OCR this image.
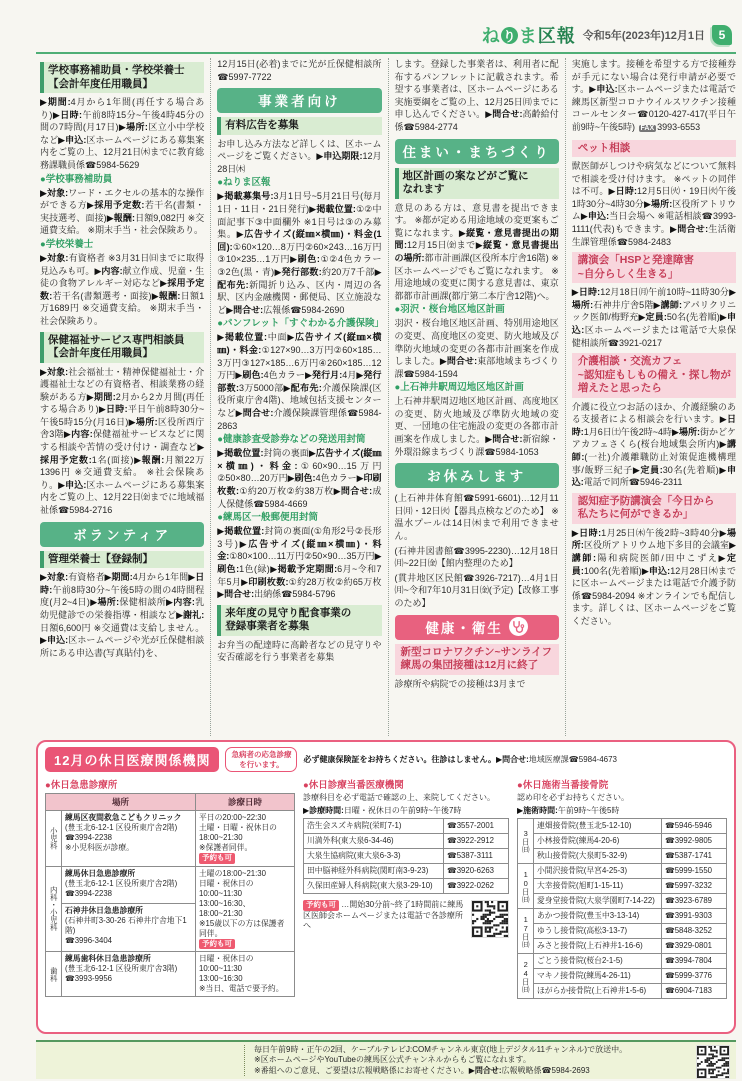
ね り ま 区報 令和5年(2023年)12月1日	5
学校事務補助員・学校栄養士
【会計年度任用職員】
▶期間:4月から1年間(再任する場合あり)▶日時:午前8時15分~午後4時45分の間の7時間(月17日)▶場所:区立小中学校など▶申込:区ホームページにある募集案内をご覧の上、12月21日㈭までに教育総務課職員係☎5984-5629
●学校事務補助員
▶対象:ワード・エクセルの基本的な操作ができる方▶採用予定数:若干名(書類・実技選考、面接)▶報酬:日額9,082円 ※交通費支給。 ※期末手当・社会保険あり。
●学校栄養士
▶対象:有資格者 ※3月31日㈰までに取得見込みも可。▶内容:献立作成、児童・生徒の食物アレルギー対応など▶採用予定数:若干名(書類選考・面接)▶報酬:日額1万1689円 ※交通費支給。 ※期末手当・社会保険あり。
保健福祉サービス専門相談員
【会計年度任用職員】
▶対象:社会福祉士・精神保健福祉士・介護福祉士などの有資格者、相談業務の経験がある方▶期間:2月から2カ月間(再任する場合あり)▶日時:平日午前8時30分~午後5時15分(月16日)▶場所:区役所西庁舎3階▶内容:保健福祉サービスなどに関する相談や苦情の受け付け・調査など▶採用予定数:1名(面接)▶報酬:月額22万1396円 ※交通費支給。 ※社会保険あり。▶申込:区ホームページにある募集案内をご覧の上、12月22日㈮までに地域福祉係☎5984-2716
ボランティア
管理栄養士【登録制】
▶対象:有資格者▶期間:4月から1年間▶日時:午前8時30分~午後5時の間の4時間程度(月2~4日)▶場所:保健相談所▶内容:乳幼児健診での栄養指導・相談など▶謝礼:日額6,600円 ※交通費は支給しません。▶申込:区ホームページや光が丘保健相談所にある申込書(写真貼付)を、
12月15日(必着)までに光が丘保健相談所☎5997-7722
事業者向け
有料広告を募集
お申し込み方法など詳しくは、区ホームページをご覧ください。▶申込期限:12月28日㈭
●ねりま区報
▶掲載募集号:3月1日号~5月21日号(毎月1日・11日・21日発行)▶掲載位置:①②中面記事下③中面欄外 ※1日号は③のみ募集。▶広告サイズ(縦㎜×横㎜)・料金(1回):①60×120…8万円②60×243…16万円③10×235…1万円▶刷色:①②4色カラー③2色(黒・青)▶発行部数:約20万7千部▶配布先:新聞折り込み、区内・周辺の各駅、区内金融機関・郵便局、区立施設など▶問合せ:広報係☎5984-2690
●パンフレット「すぐわかる介護保険」
▶掲載位置:中面▶広告サイズ(縦㎜×横㎜)・料金:①127×90…3万円②60×185…3万円③127×185…6万円④260×185…12万円▶刷色:4色カラー▶発行月:4月▶発行部数:3万5000部▶配布先:介護保険課(区役所東庁舎4階)、地域包括支援センターなど▶問合せ:介護保険課管理係☎5984-2863
●健康診査受診券などの発送用封筒
▶掲載位置:封筒の裏面▶広告サイズ(縦㎜×横㎜)・料金:①60×90…15万円②50×80…20万円▶刷色:4色カラー▶印刷枚数:①約20万枚②約38万枚▶問合せ:成人保健係☎5984-4669
●練馬区一般郵便用封筒
▶掲載位置:封筒の裏面(①角形2号②長形3号)▶広告サイズ(縦㎜×横㎜)・料金:①80×100…11万円②50×90…35万円▶刷色:1色(緑)▶掲載予定期間:6月~令和7年5月▶印刷枚数:①約28万枚②約65万枚▶問合せ:出納係☎5984-5796
来年度の見守り配食事業の
登録事業者を募集
お弁当の配達時に高齢者などの見守りや安否確認を行う事業者を募集
します。登録した事業者は、利用者に配布するパンフレットに記載されます。希望する事業者は、区ホームページにある実施要綱をご覧の上、12月25日㈪までに申し込んでください。▶問合せ:高齢給付係☎5984-2774
住まい・まちづくり
地区計画の案などがご覧に
なれます
意見のある方は、意見書を提出できます。 ※都が定める用途地域の変更案もご覧になれます。▶縦覧・意見書提出の期間:12月15日㈮まで▶縦覧・意見書提出の場所:都市計画課(区役所本庁舎16階) ※区ホームページでもご覧になれます。 ※用途地域の変更に関する意見書は、東京都都市計画課(都庁第二本庁舎12階)へ。
●羽沢・桜台地区地区計画
羽沢・桜台地区地区計画、特別用途地区の変更、高度地区の変更、防火地域及び準防火地域の変更の各都市計画案を作成しました。▶問合せ:東部地域まちづくり課☎5984-1594
●上石神井駅周辺地区地区計画
上石神井駅周辺地区地区計画、高度地区の変更、防火地域及び準防火地域の変更、一団地の住宅施設の変更の各都市計画案を作成しました。▶問合せ:新宿線・外環沿線まちづくり課☎5984-1053
お休みします
(上石神井体育館☎5991-6601)…12月11日㈪・12日㈫【器具点検などのため】 ※温水プールは14日㈭まで利用できません。
(石神井図書館☎3995-2230)…12月18日㈪~22日㈮【館内整理のため】
(貫井地区区民館☎3926-7217)…4月1日㈪~令和7年10月31日㈮(予定)【改修工事のため】
健康・衛生
新型コロナワクチン~サンライフ
練馬の集団接種は12月に終了
診療所や病院での接種は3月まで
実施します。接種を希望する方で接種券が手元にない場合は発行申請が必要です。▶申込:区ホームページまたは電話で練馬区新型コロナウイルスワクチン接種コールセンター☎0120-427-417(平日午前9時~午後5時) FAX 3993-6553
ペット相談
獣医師がしつけや病気などについて無料で相談を受け付けます。 ※ペットの同伴は不可。▶日時:12月5日㈫・19日㈫午後1時30分~4時30分▶場所:区役所アトリウム▶申込:当日会場へ ※電話相談☎3993-1111(代表)もできます。▶問合せ:生活衛生課管理係☎5984-2483
講演会「HSPと発達障害
~自分らしく生きる」
▶日時:12月18日㈪午前10時~11時30分▶場所:石神井庁舎5階▶講師:アパリクリニック医師/梅野充▶定員:50名(先着順)▶申込:区ホームページまたは電話で大泉保健相談所☎3921-0217
介護相談・交流カフェ
~認知症もしもの備え・探し物が
増えたと思ったら
介護に役立つお話のほか、介護経験のある支援者による相談会を行います。▶日時:1月6日㈯午後2時~4時▶場所:街かどケアカフェさくら(桜台地域集会所内)▶講師:(一社)介護離職防止対策促進機構理事/飯野三紀子▶定員:30名(先着順)▶申込:電話で同所☎5946-2311
認知症予防講演会「今日から
私たちに何ができるか」
▶日時:1月25日㈭午後2時~3時40分▶場所:区役所アトリウム地下多目的会議室▶講師:陽和病院医師/田中こずえ▶定員:100名(先着順)▶申込:12月28日㈭までに区ホームページまたは電話で介護予防係☎5984-2094 ※オンラインでも配信します。詳しくは、区ホームページをご覧ください。
12月の休日医療関係機関	急病者の応急診療
を行います。
必ず健康保険証をお持ちください。往診はしません。▶問合せ:地域医療課☎5984-4673
●休日急患診療所
場所		診療日時
小児科	練馬区夜間救急こどもクリニック
(豊玉北6-12-1 区役所東庁舎2階)
☎3994-2238
※小児科医が診療。	平日の20:00~22:30
土曜・日曜・祝休日の
18:00~21:30
※保護者同伴。
予約も可
内科・小児科	練馬休日急患診療所
(豊玉北6-12-1 区役所東庁舎2階)
☎3994-2238	土曜の18:00~21:30
日曜・祝休日の10:00~11:30
13:00~16:30、18:00~21:30
※15歳以下の方は保護者同伴。
予約も可
	石神井休日急患診療所
(石神井町3-30-26 石神井庁舎地下1階)
☎3996-3404	
歯科	練馬歯科休日急患診療所
(豊玉北6-12-1 区役所東庁舎3階)
☎3993-9956	日曜・祝休日の10:00~11:30
13:00~16:30
※当日、電話で要予約。
●休日診療当番医療機関
診療科目を必ず電話で確認の上、来院してください。
▶診療時間:日曜・祝休日の午前9時~午後7時
浩生会スズキ病院(栄町7-1)	☎3557-2001
川満外科(東大泉6-34-46)	☎3922-2912
大泉生協病院(東大泉6-3-3)	☎5387-3111
田中脳神経外科病院(関町南3-9-23)	☎3920-6263
久保田産婦人科病院(東大泉3-29-10)	☎3922-0262
予約も可 …開始30分前~終了1時間前に練馬区医師会ホームページまたは電話で各診療所へ
●休日施術当番接骨院
認め印を必ずお持ちください。
▶施術時間:午前9時~午後5時
3日㈰	連畑接骨院(豊玉北5-12-10)	☎5946-5946
	小林接骨院(練馬4-20-6)	☎3992-9805
	秋山接骨院(大泉町5-32-9)	☎5387-1741
10日㈰	小間沢接骨院(早宮4-25-3)	☎5999-1550
	大幸接骨院(旭町1-15-11)	☎5997-3232
	愛身堂接骨院(大泉学園町7-14-22)	☎3923-6789
17日㈰	あかつ接骨院(豊玉中3-13-14)	☎3991-9303
	ゆうし接骨院(高松3-13-7)	☎5848-3252
	みさと接骨院(上石神井1-16-6)	☎3929-0801
24日㈰	ごとう接骨院(桜台2-1-5)	☎3994-7804
	マキノ接骨院(練馬4-26-11)	☎5999-3776
	ほがらか接骨院(上石神井1-5-6)	☎6904-7183
毎日午前9時・正午の2回、ケーブルテレビJ:COMチャンネル東京(地上デジタル11チャンネル)で放送中。
※区ホームページやYouTubeの練馬区公式チャンネルからもご覧になれます。
※番組へのご意見、ご要望は広報戦略係にお寄せください。▶問合せ:広報戦略係☎5984-2693
